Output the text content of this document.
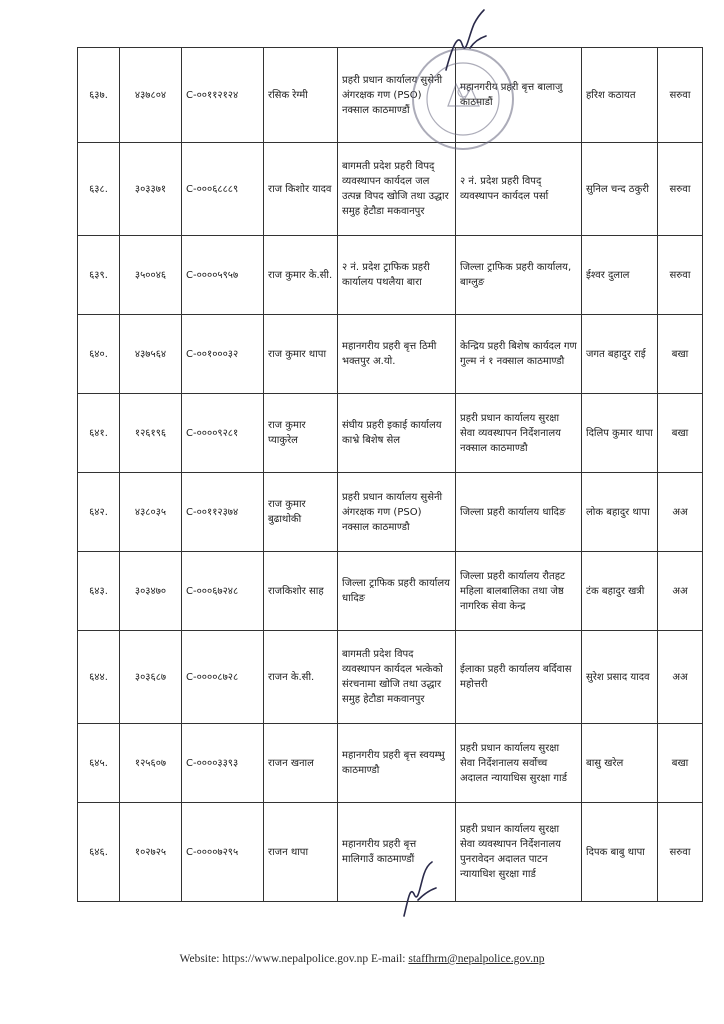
६३७.	४३७८०४	C-००११२१२४	रसिक रेग्मी	प्रहरी प्रधान कार्यालय सुसेनी अंगरक्षक गण (PSO) नक्साल काठमाण्डौं	महानगरीय प्रहरी बृत्त बालाजु काठमाडौं	हरिश कठायत	सरुवा
६३८.	३०३३७१	C-०००६८८८९	राज किशोर यादव	बागमती प्रदेश प्रहरी विपद् व्यवस्थापन कार्यदल जल उत्पन्न विपद खोजि तथा उद्धार समुह हेटौडा मकवानपुर	२ नं. प्रदेश प्रहरी विपद् व्यवस्थापन कार्यदल पर्सा	सुनिल चन्द ठकुरी	सरुवा
६३९.	३५००४६	C-००००५९५७	राज कुमार के.सी.	२ नं. प्रदेश ट्राफिक प्रहरी कार्यालय पथलैया बारा	जिल्ला ट्राफिक प्रहरी कार्यालय, बाग्लुङ	ईश्वर दुलाल	सरुवा
६४०.	४३७५६४	C-००१०००३२	राज कुमार थापा	महानगरीय प्रहरी बृत्त ठिमी भक्तपुर अ.यो.	केन्द्रिय प्रहरी बिशेष कार्यदल गण गुल्म नं १ नक्साल काठमाण्डौ	जगत बहादुर राई	बखा
६४१.	१२६१९६	C-००००९२८१	राज कुमार प्याकुरेल	संघीय प्रहरी इकाई कार्यालय काभ्रे बिशेष सेल	प्रहरी प्रधान कार्यालय सुरक्षा सेवा व्यवस्थापन निर्देशनालय नक्साल काठमाण्डौ	दिलिप कुमार थापा	बखा
६४२.	४३८०३५	C-००११२३७४	राज कुमार बुढाथोकी	प्रहरी प्रधान कार्यालय सुसेनी अंगरक्षक गण (PSO) नक्साल काठमाण्डौ	जिल्ला प्रहरी कार्यालय धादिङ	लोक बहादुर थापा	अअ
६४३.	३०३४७०	C-०००६७२४८	राजकिशोर साह	जिल्ला ट्राफिक प्रहरी कार्यालय धादिङ	जिल्ला प्रहरी कार्यालय रौतहट महिला बालबालिका तथा जेष्ठ नागरिक सेवा केन्द्र	टंक बहादुर खत्री	अअ
६४४.	३०३६८७	C-००००८७२८	राजन के.सी.	बागमती प्रदेश विपद व्यवस्थापन कार्यदल भत्केको संरचनामा खोजि तथा उद्धार समुह हेटौडा मकवानपुर	ईलाका प्रहरी कार्यालय बर्दिवास महोत्तरी	सुरेश प्रसाद यादव	अअ
६४५.	१२५६०७	C-००००३३९३	राजन खनाल	महानगरीय प्रहरी बृत्त स्वयम्भु काठमाण्डौ	प्रहरी प्रधान कार्यालय सुरक्षा सेवा निर्देशनालय सर्वोच्च अदालत न्यायाधिस सुरक्षा गार्ड	बासु खरेल	बखा
६४६.	१०२७२५	C-००००७२९५	राजन थापा	महानगरीय प्रहरी बृत्त मालिगाउँ काठमाण्डौं	प्रहरी प्रधान कार्यालय सुरक्षा सेवा व्यवस्थापन निर्देशनालय पुनरावेदन अदालत पाटन न्यायाधिश सुरक्षा गार्ड	दिपक बाबु थापा	सरुवा
Website: https://www.nepalpolice.gov.np E-mail: staffhrm@nepalpolice.gov.np
